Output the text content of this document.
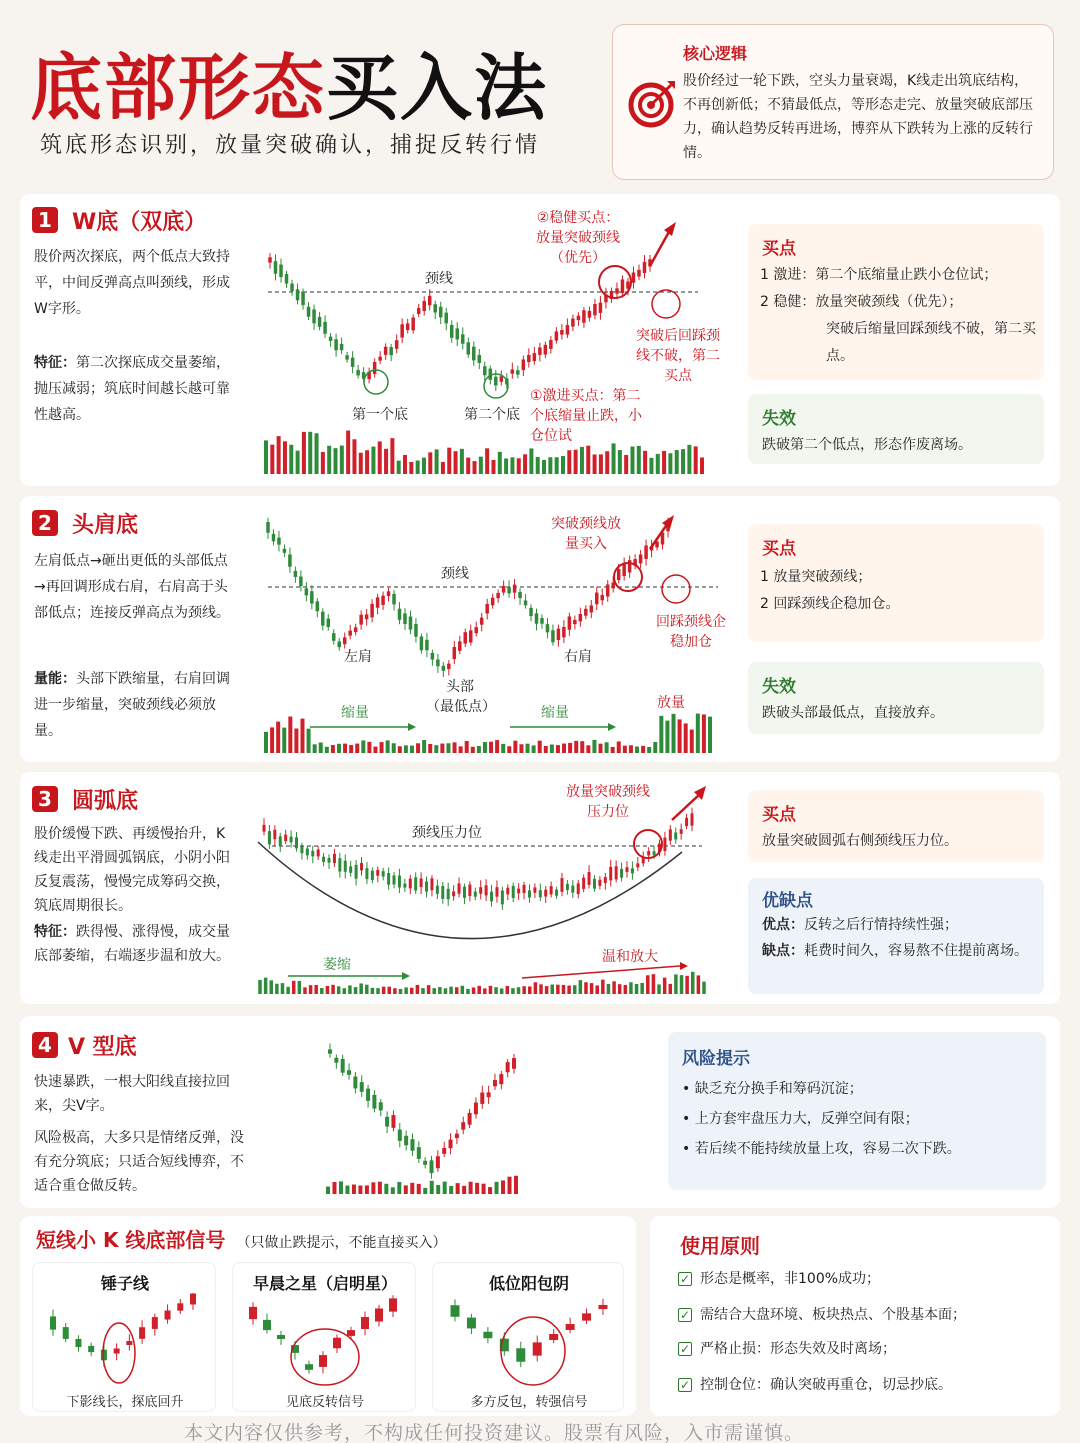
底部形态买入法
筑底形态识别，放量突破确认，捕捉反转行情
核心逻辑
股价经过一轮下跌，空头力量衰竭，K线走出筑底结构，不再创新低；不猜最低点，等形态走完、放量突破底部压力，确认趋势反转再进场，博弈从下跌转为上涨的反转行情。
1 W底（双底）
股价两次探底，两个低点大致持平，中间反弹高点叫颈线，形成W字形。
特征：第二次探底成交量萎缩，抛压减弱；筑底时间越长越可靠性越高。
颈线
第一个底	第二个底
②稳健买点：放量突破颈线（优先）
①激进买点：第二个底缩量止跌，小仓位试
突破后回踩颈线不破，第二买点
买点
1 激进：第二个底缩量止跌小仓位试；
2 稳健：放量突破颈线（优先）；
突破后缩量回踩颈线不破，第二买点。
失效
跌破第二个低点，形态作废离场。
2 头肩底
左肩低点→砸出更低的头部低点→再回调形成右肩，右肩高于头部低点；连接反弹高点为颈线。
量能：头部下跌缩量，右肩回调进一步缩量，突破颈线必须放量。
颈线
左肩
头部
（最低点）
右肩
突破颈线放量买入
回踩颈线企稳加仓
缩量	缩量
放量
买点
1 放量突破颈线；
2 回踩颈线企稳加仓。
失效
跌破头部最低点，直接放弃。
3 圆弧底
股价缓慢下跌、再缓慢抬升，K线走出平滑圆弧锅底，小阴小阳反复震荡，慢慢完成筹码交换，筑底周期很长。
特征：跌得慢、涨得慢，成交量底部萎缩，右端逐步温和放大。
颈线压力位
放量突破颈线压力位
萎缩	温和放大
买点
放量突破圆弧右侧颈线压力位。
优缺点
优点：反转之后行情持续性强；
缺点：耗费时间久，容易熬不住提前离场。
4 V 型底
快速暴跌，一根大阳线直接拉回来，尖V字。
风险极高，大多只是情绪反弹，没有充分筑底；只适合短线博弈，不适合重仓做反转。
风险提示
• 缺乏充分换手和筹码沉淀；
• 上方套牢盘压力大，反弹空间有限；
• 若后续不能持续放量上攻，容易二次下跌。
短线小 K 线底部信号 （只做止跌提示，不能直接买入）
锤子线
下影线长，探底回升
早晨之星（启明星）
见底反转信号
低位阳包阴
多方反包，转强信号
使用原则
✓ 形态是概率，非100%成功；
✓ 需结合大盘环境、板块热点、个股基本面；
✓ 严格止损：形态失效及时离场；
✓ 控制仓位：确认突破再重仓，切忌抄底。
本文内容仅供参考，不构成任何投资建议。股票有风险，入市需谨慎。
